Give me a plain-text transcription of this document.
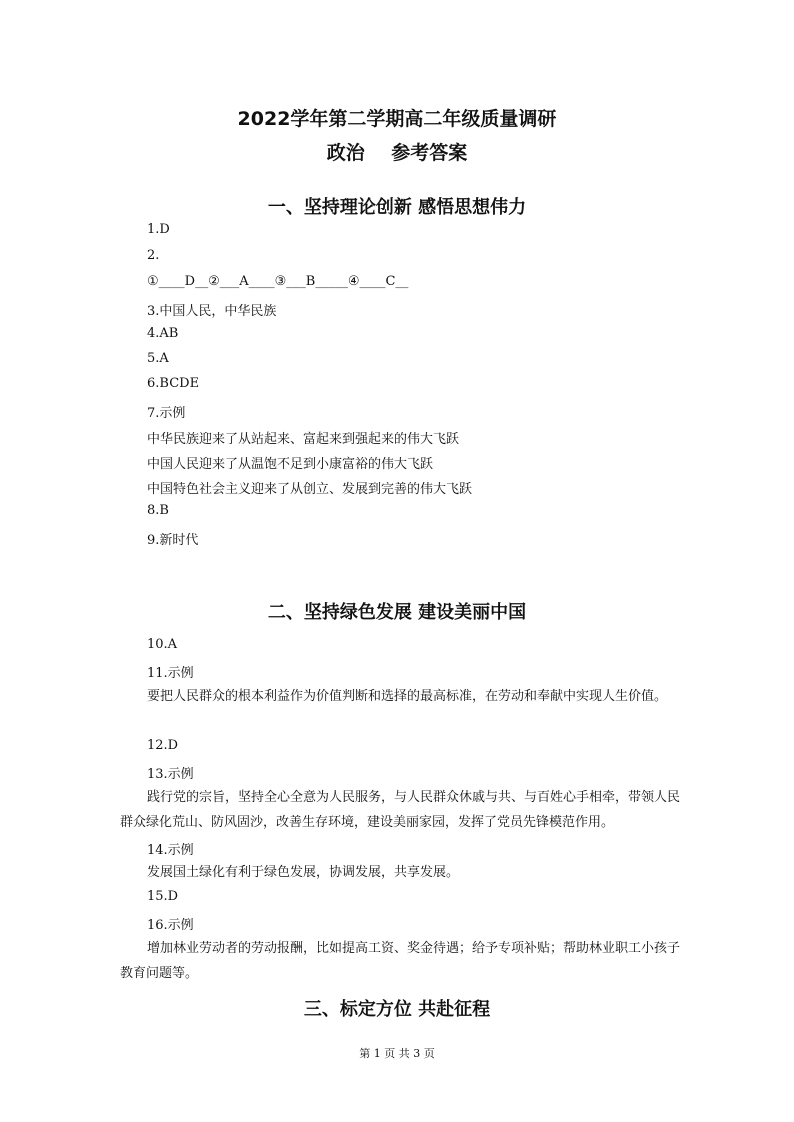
2022学年第二学期高二年级质量调研
政治    参考答案
一、坚持理论创新 感悟思想伟力
1.D
2.
①____D__②___A____③___B_____④____C__
3.中国人民，中华民族
4.AB
5.A
6.BCDE
7.示例
中华民族迎来了从站起来、富起来到强起来的伟大飞跃
中国人民迎来了从温饱不足到小康富裕的伟大飞跃
中国特色社会主义迎来了从创立、发展到完善的伟大飞跃
8.B
9.新时代
二、坚持绿色发展 建设美丽中国
10.A
11.示例
要把人民群众的根本利益作为价值判断和选择的最高标准，在劳动和奉献中实现人生价值。
12.D
13.示例
践行党的宗旨，坚持全心全意为人民服务，与人民群众休戚与共、与百姓心手相牵，带领人民群众绿化荒山、防风固沙，改善生存环境，建设美丽家园，发挥了党员先锋模范作用。
14.示例
发展国土绿化有利于绿色发展，协调发展，共享发展。
15.D
16.示例
增加林业劳动者的劳动报酬，比如提高工资、奖金待遇；给予专项补贴；帮助林业职工小孩子教育问题等。
三、标定方位 共赴征程
第 1 页 共 3 页
